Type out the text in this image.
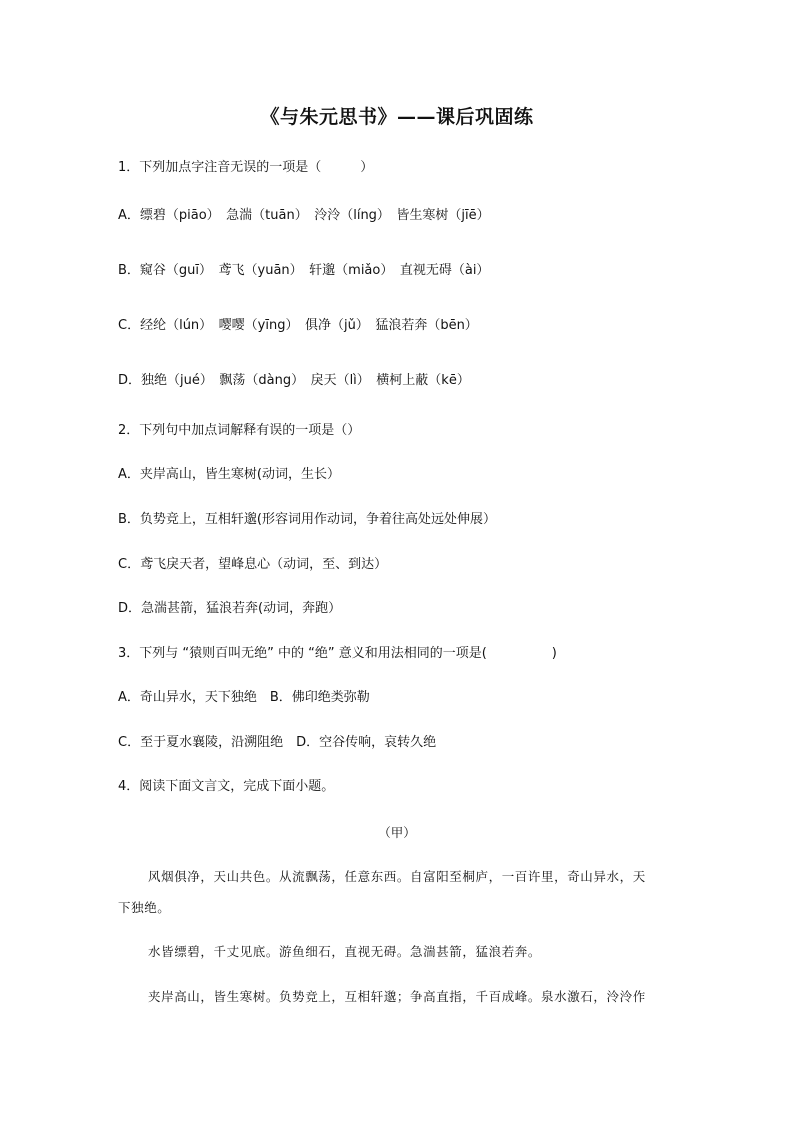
《与朱元思书》——课后巩固练
1．下列加点字注音无误的一项是（　　　）
A．缥碧（piāo）　急湍（tuān）　泠泠（líng）　皆生寒树（jīē）
B．窥谷（guī）　鸢飞（yuān）　轩邈（miǎo）　直视无碍（ài）
C．经纶（lún）　嘤嘤（yīng）　俱净（jǔ）　猛浪若奔（bēn）
D．独绝（jué）　飘荡（dàng）　戾天（lì）　横柯上蔽（kē）
2．下列句中加点词解释有误的一项是（）
A．夹岸高山，皆生寒树(动词，生长）
B．负势竞上，互相轩邈(形容词用作动词，争着往高处远处伸展）
C．鸢飞戾天者，望峰息心（动词，至、到达）
D．急湍甚箭，猛浪若奔(动词，奔跑）
3．下列与 “猿则百叫无绝” 中的 “绝” 意义和用法相同的一项是(　　　　　)
A．奇山异水，天下独绝　B．佛印绝类弥勒
C．至于夏水襄陵，沿溯阻绝　D．空谷传响，哀转久绝
4．阅读下面文言文，完成下面小题。
（甲）
风烟俱净，天山共色。从流飘荡，任意东西。自富阳至桐庐，一百许里，奇山异水，天
下独绝。
水皆缥碧，千丈见底。游鱼细石，直视无碍。急湍甚箭，猛浪若奔。
夹岸高山，皆生寒树。负势竞上，互相轩邈；争高直指，千百成峰。泉水激石，泠泠作
